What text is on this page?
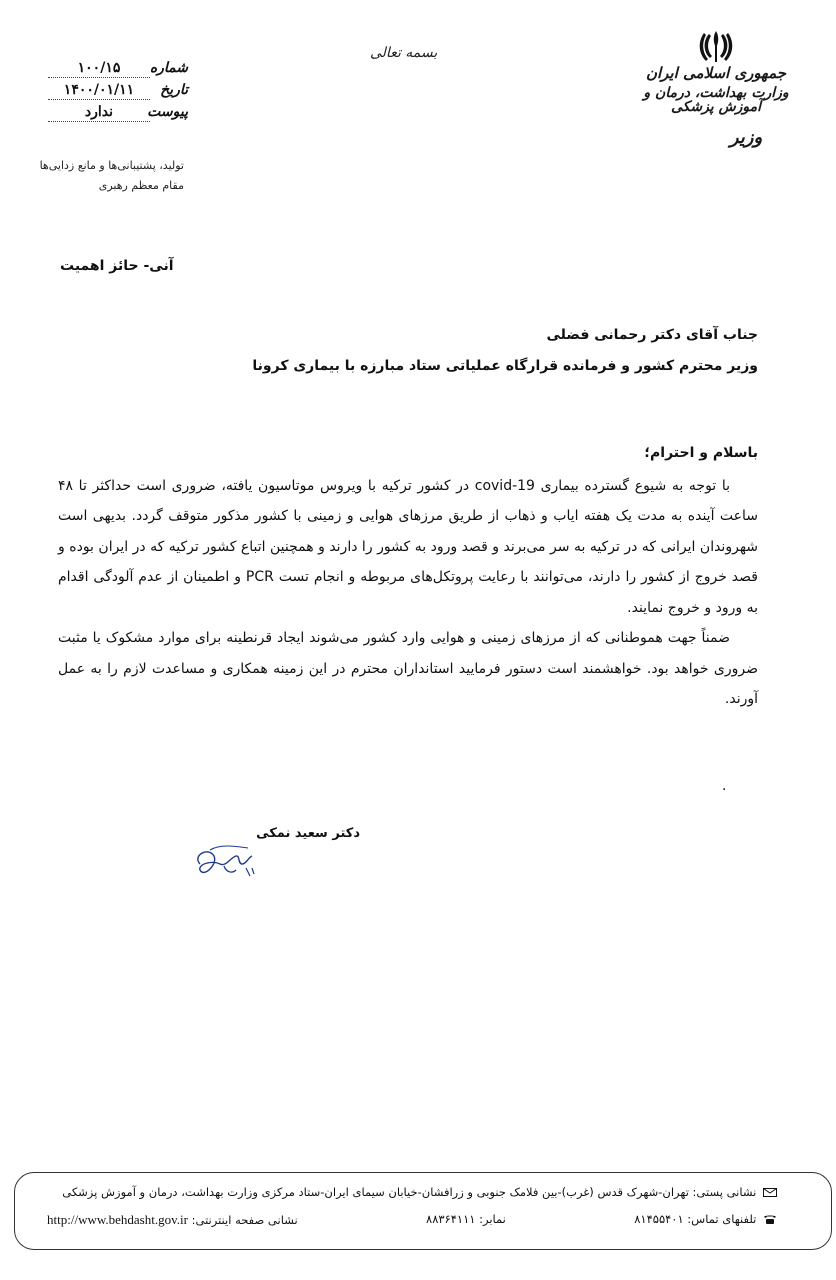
جمهوری اسلامی ایران
وزارت بهداشت، درمان و آموزش پزشکی
وزیر
بسمه تعالی
شماره
۱۰۰/۱۵
تاریخ
۱۴۰۰/۰۱/۱۱
پیوست
ندارد
تولید، پشتیبانی‌ها و مانع زدایی‌ها
مقام معظم رهبری
آنی- حائز اهمیت
جناب آقای دکتر رحمانی فضلی
وزیر محترم کشور و فرمانده قرارگاه عملیاتی ستاد مبارزه با بیماری کرونا
باسلام و احترام؛
با توجه به شیوع گسترده بیماری covid-19 در کشور ترکیه با ویروس موتاسیون یافته، ضروری است حداکثر تا ۴۸ ساعت آینده به مدت یک هفته ایاب و ذهاب از طریق مرزهای هوایی و زمینی با کشور مذکور متوقف گردد. بدیهی است شهروندان ایرانی که در ترکیه به سر می‌برند و قصد ورود به کشور را دارند و همچنین اتباع کشور ترکیه که در ایران بوده و قصد خروج از کشور را دارند، می‌توانند با رعایت پروتکل‌های مربوطه و انجام تست PCR و اطمینان از عدم آلودگی اقدام به ورود و خروج نمایند.
ضمناً جهت هموطنانی که از مرزهای زمینی و هوایی وارد کشور می‌شوند ایجاد قرنطینه برای موارد مشکوک یا مثبت ضروری خواهد بود. خواهشمند است دستور فرمایید استانداران محترم در این زمینه همکاری و مساعدت لازم را به عمل آورند.
.
دکتر سعید نمکی
نشانی پستی: تهران-شهرک قدس (غرب)-بین فلامک جنوبی و زرافشان-خیابان سیمای ایران-ستاد مرکزی وزارت بهداشت، درمان و آموزش پزشکی
تلفنهای تماس: ۸۱۴۵۵۴۰۱
نمابر: ۸۸۳۶۴۱۱۱
نشانی صفحه اینترنتی: http://www.behdasht.gov.ir
